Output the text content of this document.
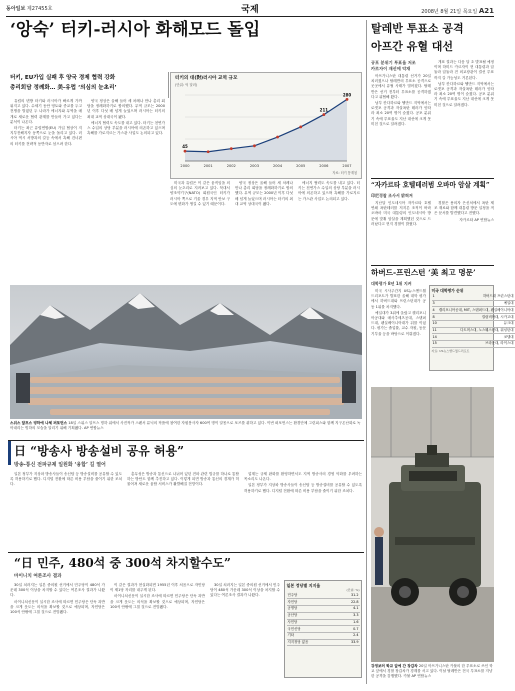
동아일보 제27455호	국제	2008년 8월 21일 목요일 A21
‘앙숙’ 터키-러시아 화해모드 돌입
터키, EU가입 실패 후 양국 경제 협력 강화
총리회담 정례화… 美-유럽 ‘의심의 눈초리’

유럽의 변방 터키와 러시아가 빠르게 가까워지고 있다. 수세기 동안 영토와 종교를 두고 전쟁을 벌였던 두 나라가 에너지와 무역을 매개로 새로운 협력 관계를 만들어 가고 있다는 분석이 나온다.

터키는 최근 유럽연합(EU) 가입 협상이 지지부진해지자 동쪽으로 눈을 돌리고 있다. 러시아 역시 서방과의 갈등 속에서 흑해 건너편의 터키를 전략적 동반자로 삼으려 한다.

양국 정상은 올해 들어 세 차례나 만나 총리 회담을 정례화하기로 합의했다. 무역 규모는 2000년 이후 다섯 배 넘게 늘었으며 러시아는 터키의 최대 교역 상대국이 됐다.

에너지 협력도 속도를 내고 있다. 터키는 천연가스 수입의 상당 부분을 러시아에 의존하고 있으며 흑해를 가로지르는 가스관 사업도 논의되고 있다.

미국과 유럽은 이 같은 움직임을 의심의 눈초리로 지켜보고 있다. 북대서양조약기구(NATO) 회원국인 터키가 러시아 쪽으로 기울 경우 지역 안보 구도에 변화가 생길 수 있기 때문이다.

양국 정상은 올해 들어 세 차례나 만나 총리 회담을 정례화하기로 합의했다. 무역 규모는 2000년 이후 다섯 배 넘게 늘었으며 러시아는 터키의 최대 교역 상대국이 됐다.

에너지 협력도 속도를 내고 있다. 터키는 천연가스 수입의 상당 부분을 러시아에 의존하고 있으며 흑해를 가로지르는 가스관 사업도 논의되고 있다.

터키의 대(對)러시아 교역 규모
(단위: 억 달러)
2000
45
2001	2002	2003	2004	2005	2006
211
2007
280
자료: 터키 통계청
스위스 알프스 빙하에 나체 퍼포먼스 18일 스위스 알프스 빙하 위에서 사진작가 스펜서 튜닉의 작품에 참여한 자원봉사자 600여 명이 알몸으로 포즈를 취하고 있다. 이번 퍼포먼스는 환경단체 그린피스와 함께 지구온난화로 녹아내리는 빙하의 모습을 알리기 위해 기획됐다. AP 연합뉴스
탈레반 투표소 공격
아프간 유혈 대선
공포 분위기 투표율 저조
카르자이 재선에 악재

아프가니스탄 대통령 선거가 20일 치러졌으나 탈레반의 투표소 공격으로 곳곳에서 유혈 사태가 벌어졌다. 탈레반은 선거 전부터 투표소를 공격하겠다고 위협해 왔다.

남부 칸다하르와 헬만드 지역에서는 로켓포 공격과 자살폭탄 테러가 잇따라 최소 20여 명이 숨졌다. 공포 분위기 속에 투표율도 지난 대선에 크게 못 미친 것으로 알려졌다.

개표 결과는 다음 달 초 발표될 예정이며 하미드 카르자이 현 대통령과 압둘라 압둘라 전 외교장관이 결선 투표까지 갈 가능성도 거론된다.

남부 칸다하르와 헬만드 지역에서는 로켓포 공격과 자살폭탄 테러가 잇따라 최소 20여 명이 숨졌다. 공포 분위기 속에 투표율도 지난 대선에 크게 못 미친 것으로 알려졌다.

“자카르타 호텔테러범 오바마 암살 계획”
印尼경찰 조사서 밝혀져

지난달 인도네시아 자카르타 호텔 연쇄 폭탄테러를 저지른 조직이 버락 오바마 미국 대통령의 인도네시아 방문에 맞춰 암살을 계획했던 것으로 드러났다고 현지 경찰이 밝혔다.

경찰은 용의자 은신처에서 폭탄 제조 재료와 함께 대통령 방문 일정을 적은 문서를 발견했다고 전했다.

자카르타 AP 연합뉴스

하버드-프린스턴 ‘美 최고 명문’
대학평가 8년 1위 지켜

미국 시사주간지 US뉴스앤드월드리포트가 발표한 올해 대학 평가에서 하버드대와 프린스턴대가 공동 1위를 차지했다.

예일대가 3위에 올랐고 캘리포니아공대와 매사추세츠공대, 스탠퍼드대, 펜실베이니아대가 뒤를 이었다. 평가는 졸업률, 교수 자원, 동문 기부율 등을 바탕으로 이뤄졌다.

미국 대학평가 순위
1	하버드대 프린스턴대
3	예일대
4	캘리포니아공대, MIT, 스탠퍼드대, 펜실베이니아대
8	컬럼비아대, 시카고대
10	듀크대
11	다트머스대, 노스웨스턴대, 워싱턴대
14	코넬대
15	브라운대, 라이스대
자료: US뉴스앤드월드리포트
강정보러 학교 앞에 간 장갑차 20일 아프가니스탄 카불의 한 투표소로 쓰인 학교 앞에서 경찰 장갑차가 경계를 서고 있다. 이날 탈레반은 전국 투표소를 겨냥한 공격을 감행했다. 카불 AP 연합뉴스
日 “방송사 방송설비 공유 허용”
방송-통신 전파규제 일원화 ‘융합’ 길 열어

일본 정부가 지상파 방송사들이 송신탑 등 방송설비를 공유할 수 있도록 허용하기로 했다. 디지털 전환에 따른 비용 부담을 줄이기 위한 조치다.

총무성은 방송과 통신으로 나뉘어 있던 전파 관련 법규를 하나로 통합하는 방안도 함께 추진하고 있다. 이렇게 되면 방송과 통신의 경계가 허물어져 새로운 융합 서비스가 활발해질 전망이다.

업계는 규제 완화를 환영하면서도 지역 방송사의 경영 악화를 우려하는 목소리도 나온다.

일본 정부가 지상파 방송사들이 송신탑 등 방송설비를 공유할 수 있도록 허용하기로 했다. 디지털 전환에 따른 비용 부담을 줄이기 위한 조치다.

“日 민주, 480석 중 300석 차지할수도”
마이니치 여론조사 결과

30일 치러지는 일본 중의원 선거에서 민주당이 480석 가운데 300석 이상을 차지할 수 있다는 여론조사 결과가 나왔다.

마이니치신문이 실시한 조사에 따르면 민주당은 단독 과반을 크게 웃도는 의석을 확보할 것으로 예상되며, 자민당은 100석 안팎에 그칠 것으로 전망됐다.

이 같은 결과가 현실화되면 1955년 이후 처음으로 자민당이 제1당 자리를 내주게 된다.

마이니치신문이 실시한 조사에 따르면 민주당은 단독 과반을 크게 웃도는 의석을 확보할 것으로 예상되며, 자민당은 100석 안팎에 그칠 것으로 전망됐다.

30일 치러지는 일본 중의원 선거에서 민주당이 480석 가운데 300석 이상을 차지할 수 있다는 여론조사 결과가 나왔다.

일본 정당별 지지율
(단위: %)
민주당	31.2
자민당	22.8
공명당	4.1
공산당	3.3
사민당	1.6
국민신당	0.7
기타	2.4
지지정당 없음	33.9
